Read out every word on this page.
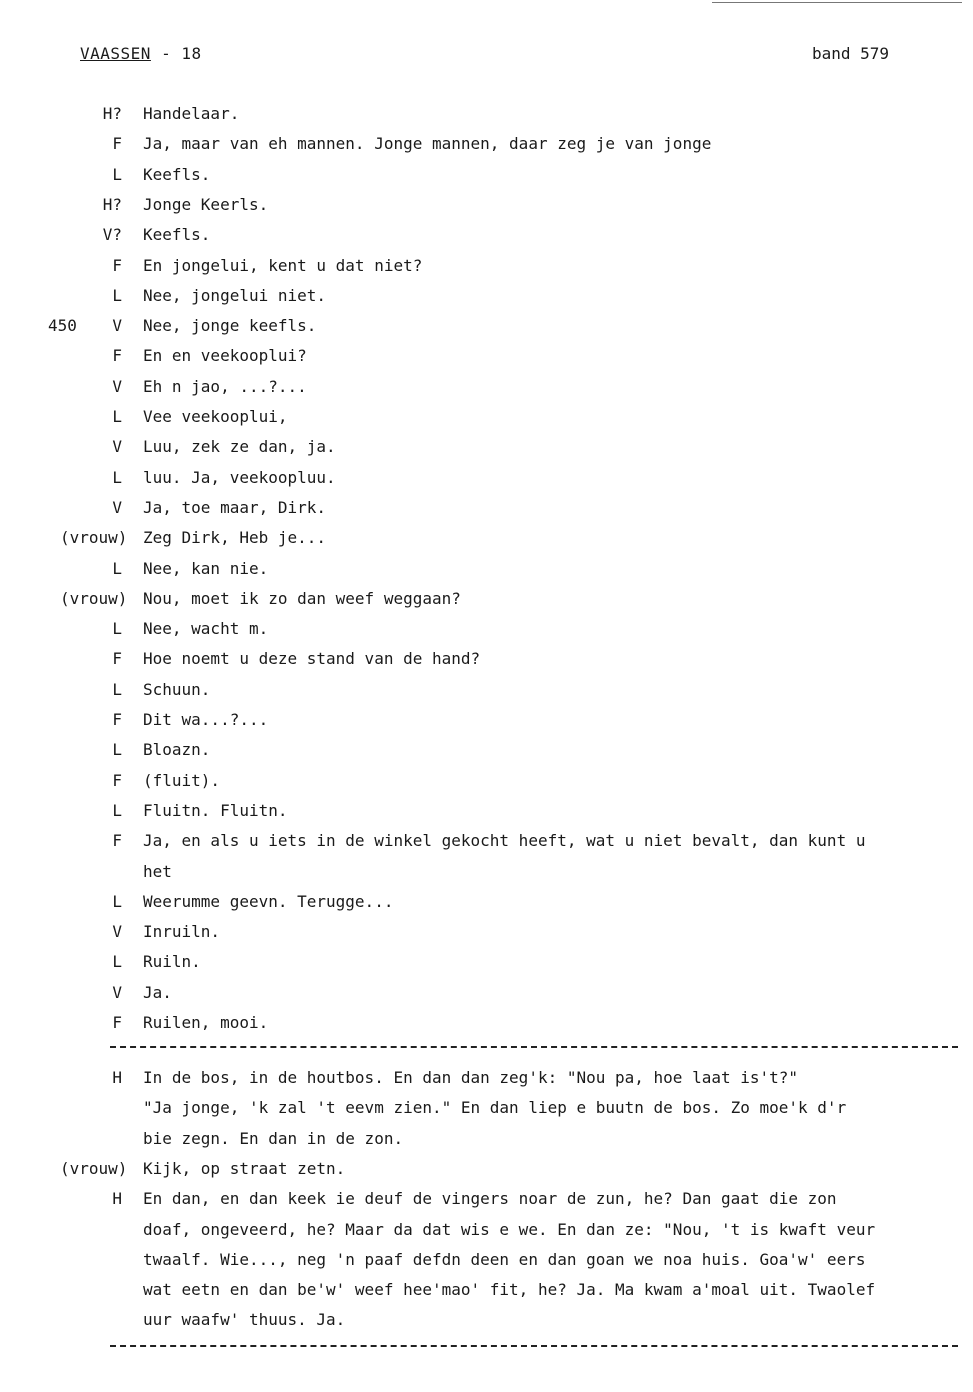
VAASSEN - 18	band 579
H? Handelaar.
F Ja, maar van eh mannen. Jonge mannen, daar zeg je van jonge
L Keefls.
H? Jonge Keerls.
V? Keefls.
F En jongelui, kent u dat niet?
L Nee, jongelui niet.
450	V Nee, jonge keefls.
F En en veekooplui?
V Eh n jao, ...?...
L Vee veekooplui,
V Luu, zek ze dan, ja.
L luu. Ja, veekoopluu.
V Ja, toe maar, Dirk.
(vrouw) Zeg Dirk, Heb je...
L Nee, kan nie.
(vrouw) Nou, moet ik zo dan weef weggaan?
L Nee, wacht m.
F Hoe noemt u deze stand van de hand?
L Schuun.
F Dit wa...?...
L Bloazn.
F (fluit).
L Fluitn. Fluitn.
F Ja, en als u iets in de winkel gekocht heeft, wat u niet bevalt, dan kunt u
het
L Weerumme geevn. Terugge...
V Inruiln.
L Ruiln.
V Ja.
F Ruilen, mooi.
H In de bos, in de houtbos. En dan dan zeg'k: "Nou pa, hoe laat is't?"
"Ja jonge, 'k zal 't eevm zien." En dan liep e buutn de bos. Zo moe'k d'r
bie zegn. En dan in de zon.
(vrouw) Kijk, op straat zetn.
H En dan, en dan keek ie deuf de vingers noar de zun, he? Dan gaat die zon
doaf, ongeveerd, he? Maar da dat wis e we. En dan ze: "Nou, 't is kwaft veur
twaalf. Wie..., neg 'n paaf defdn deen en dan goan we noa huis. Goa'w' eers
wat eetn en dan be'w' weef hee'mao' fit, he? Ja. Ma kwam a'moal uit. Twaolef
uur waafw' thuus. Ja.
